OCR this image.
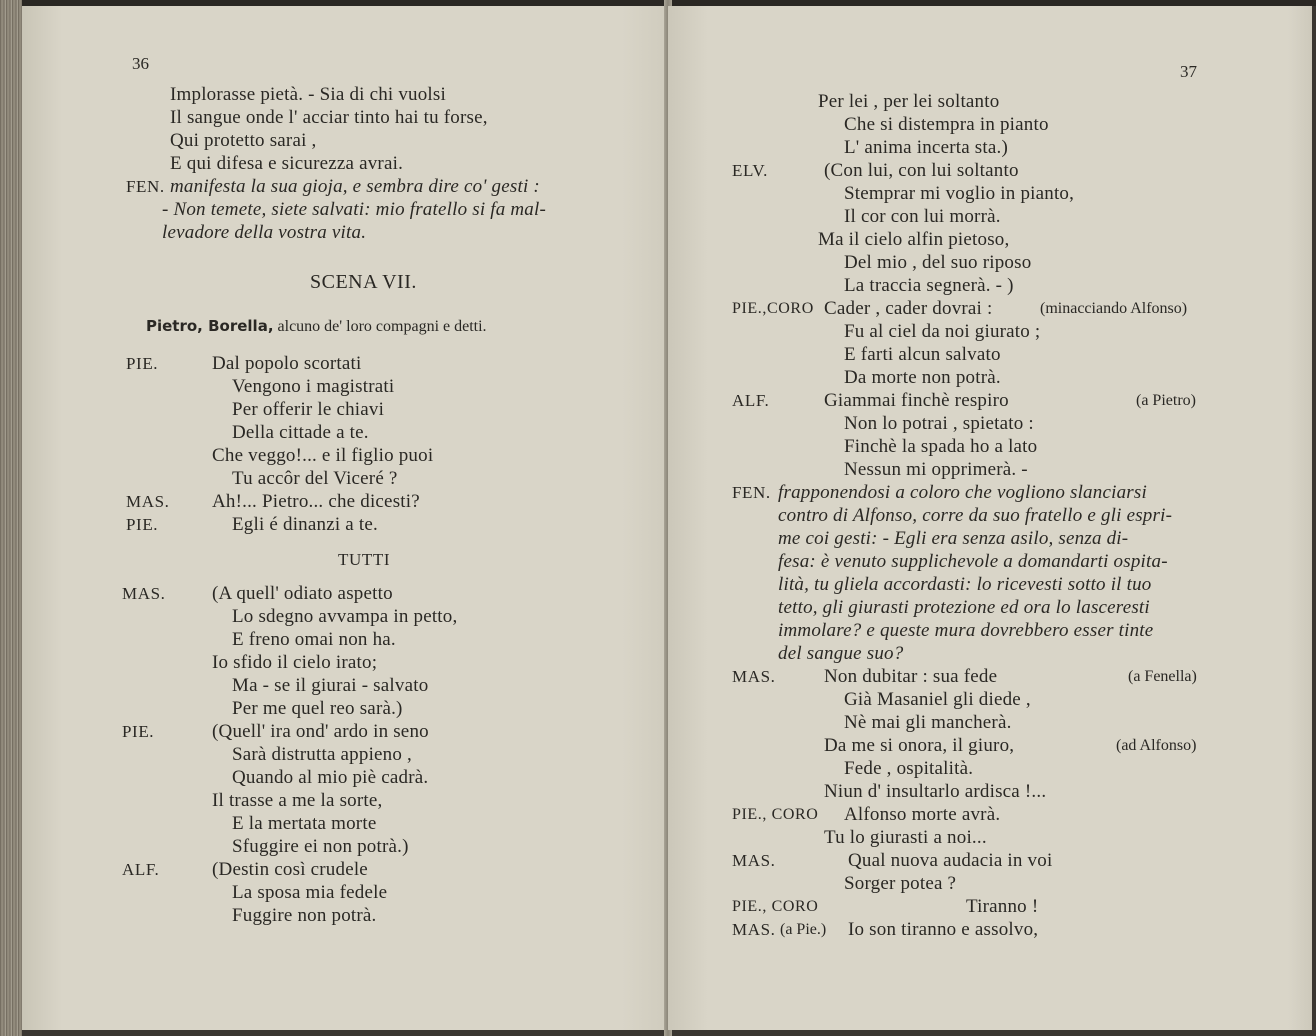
36
Implorasse pietà. - Sia di chi vuolsi
Il sangue onde l' acciar tinto hai tu forse,
Qui protetto sarai ,
E qui difesa e sicurezza avrai.
FEN. manifesta la sua gioja, e sembra dire co' gesti :
- Non temete, siete salvati: mio fratello si fa mal-
levadore della vostra vita.
SCENA VII.
Pietro, Borella, alcuno de' loro compagni e detti.
PIE.	Dal popolo scortati
Vengono i magistrati
Per offerir le chiavi
Della cittade a te.
Che veggo!... e il figlio puoi
Tu accôr del Viceré ?
MAS. Ah!... Pietro... che dicesti?
PIE.	Egli é dinanzi a te.
TUTTI
MAS. (A quell' odiato aspetto
Lo sdegno avvampa in petto,
E freno omai non ha.
Io sfido il cielo irato;
Ma - se il giurai - salvato
Per me quel reo sarà.)
PIE.	(Quell' ira ond' ardo in seno
Sarà distrutta appieno ,
Quando al mio piè cadrà.
Il trasse a me la sorte,
E la mertata morte
Sfuggire ei non potrà.)
ALF.	(Destin così crudele
La sposa mia fedele
Fuggire non potrà.
37
Per lei , per lei soltanto
Che si distempra in pianto
L' anima incerta sta.)
ELV.	(Con lui, con lui soltanto
Stemprar mi voglio in pianto,
Il cor con lui morrà.
Ma il cielo alfin pietoso,
Del mio , del suo riposo
La traccia segnerà. - )
PIE.,CORO Cader , cader dovrai :	(minacciando Alfonso)
Fu al ciel da noi giurato ;
E farti alcun salvato
Da morte non potrà.
ALF.	Giammai finchè respiro	(a Pietro)
Non lo potrai , spietato :
Finchè la spada ho a lato
Nessun mi opprimerà. -
FEN. frapponendosi a coloro che vogliono slanciarsi
contro di Alfonso, corre da suo fratello e gli espri-
me coi gesti: - Egli era senza asilo, senza di-
fesa: è venuto supplichevole a domandarti ospita-
lità, tu gliela accordasti: lo ricevesti sotto il tuo
tetto, gli giurasti protezione ed ora lo lasceresti
immolare? e queste mura dovrebbero esser tinte
del sangue suo?
MAS.	Non dubitar : sua fede	(a Fenella)
Già Masaniel gli diede ,
Nè mai gli mancherà.
Da me si onora, il giuro,	(ad Alfonso)
Fede , ospitalità.
Niun d' insultarlo ardisca !...
PIE., CORO Alfonso morte avrà.
Tu lo giurasti a noi...
MAS.	Qual nuova audacia in voi
Sorger potea ?
PIE., CORO	Tiranno !
MAS. (a Pie.) Io son tiranno e assolvo,
